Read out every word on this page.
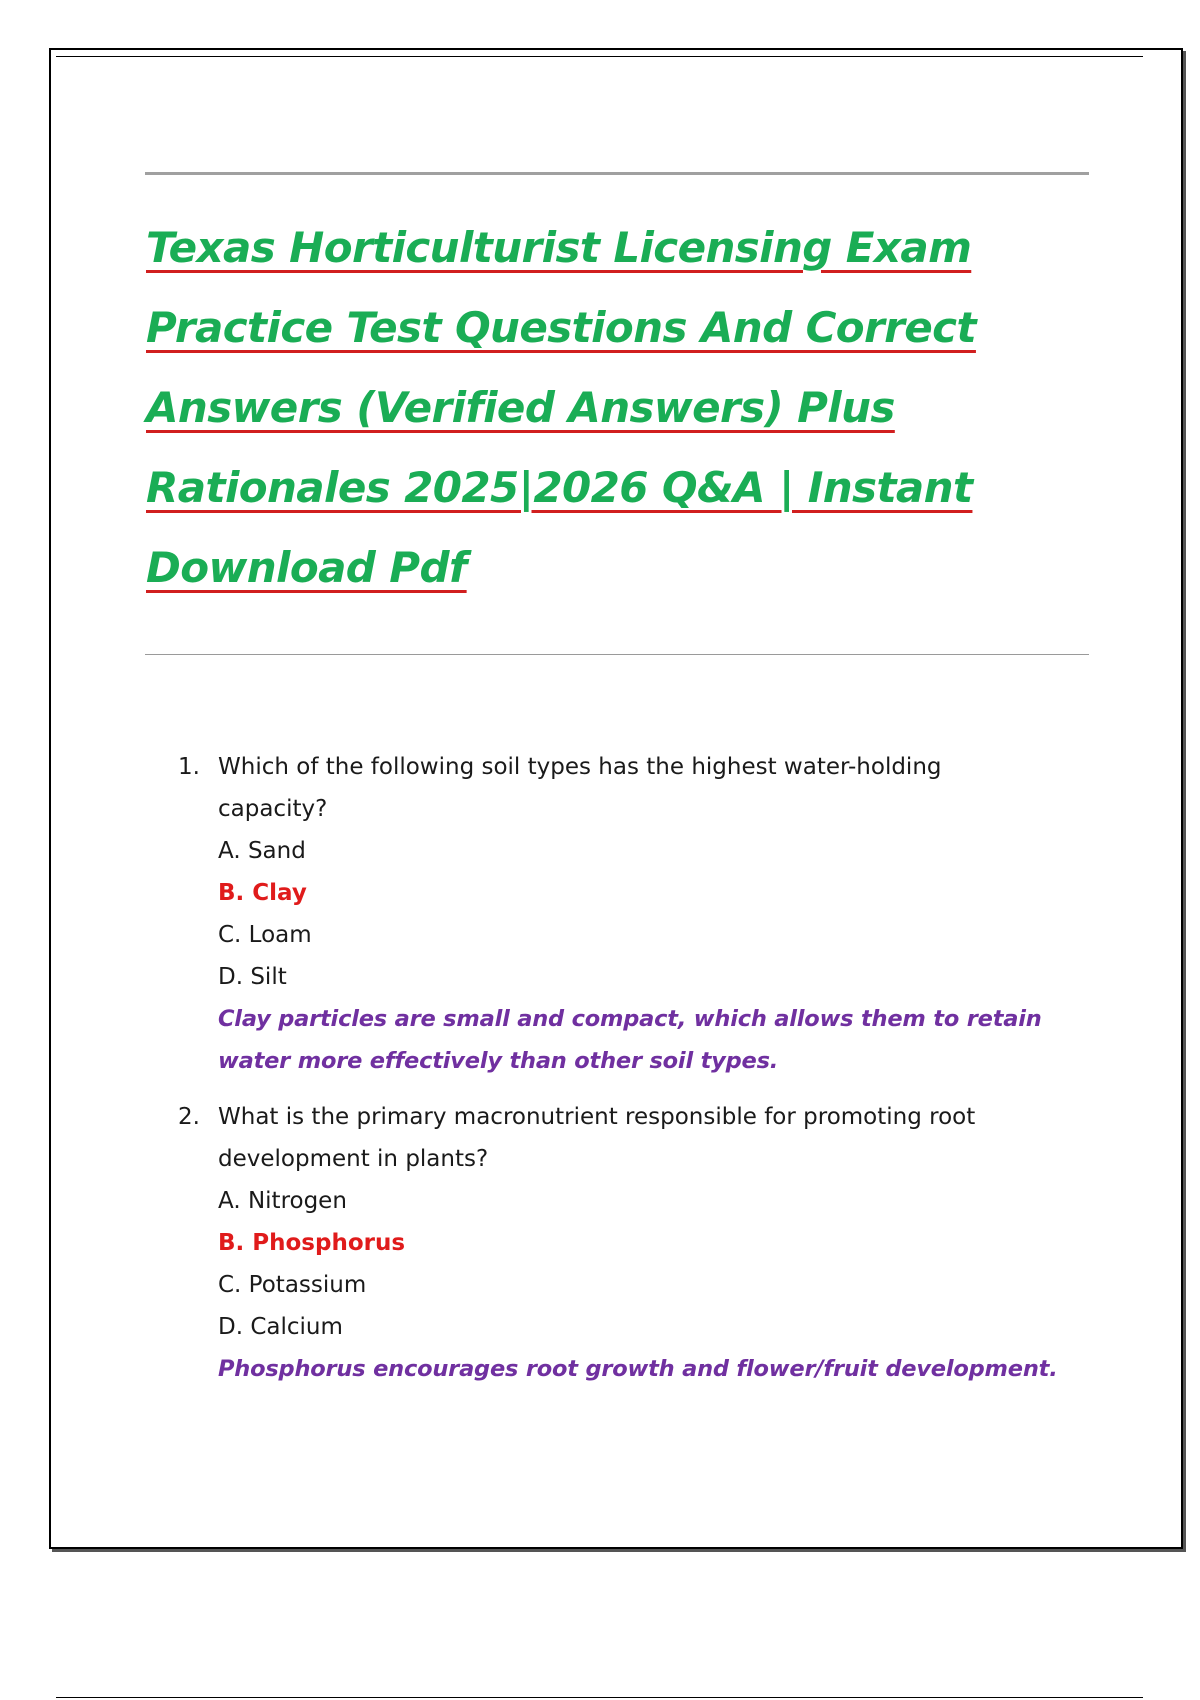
Texas Horticulturist Licensing Exam
Practice Test Questions And Correct
Answers (Verified Answers) Plus
Rationales 2025|2026 Q&A | Instant
Download Pdf
1. Which of the following soil types has the highest water-holding
capacity?
A. Sand
B. Clay
C. Loam
D. Silt
Clay particles are small and compact, which allows them to retain
water more effectively than other soil types.
2. What is the primary macronutrient responsible for promoting root
development in plants?
A. Nitrogen
B. Phosphorus
C. Potassium
D. Calcium
Phosphorus encourages root growth and flower/fruit development.
